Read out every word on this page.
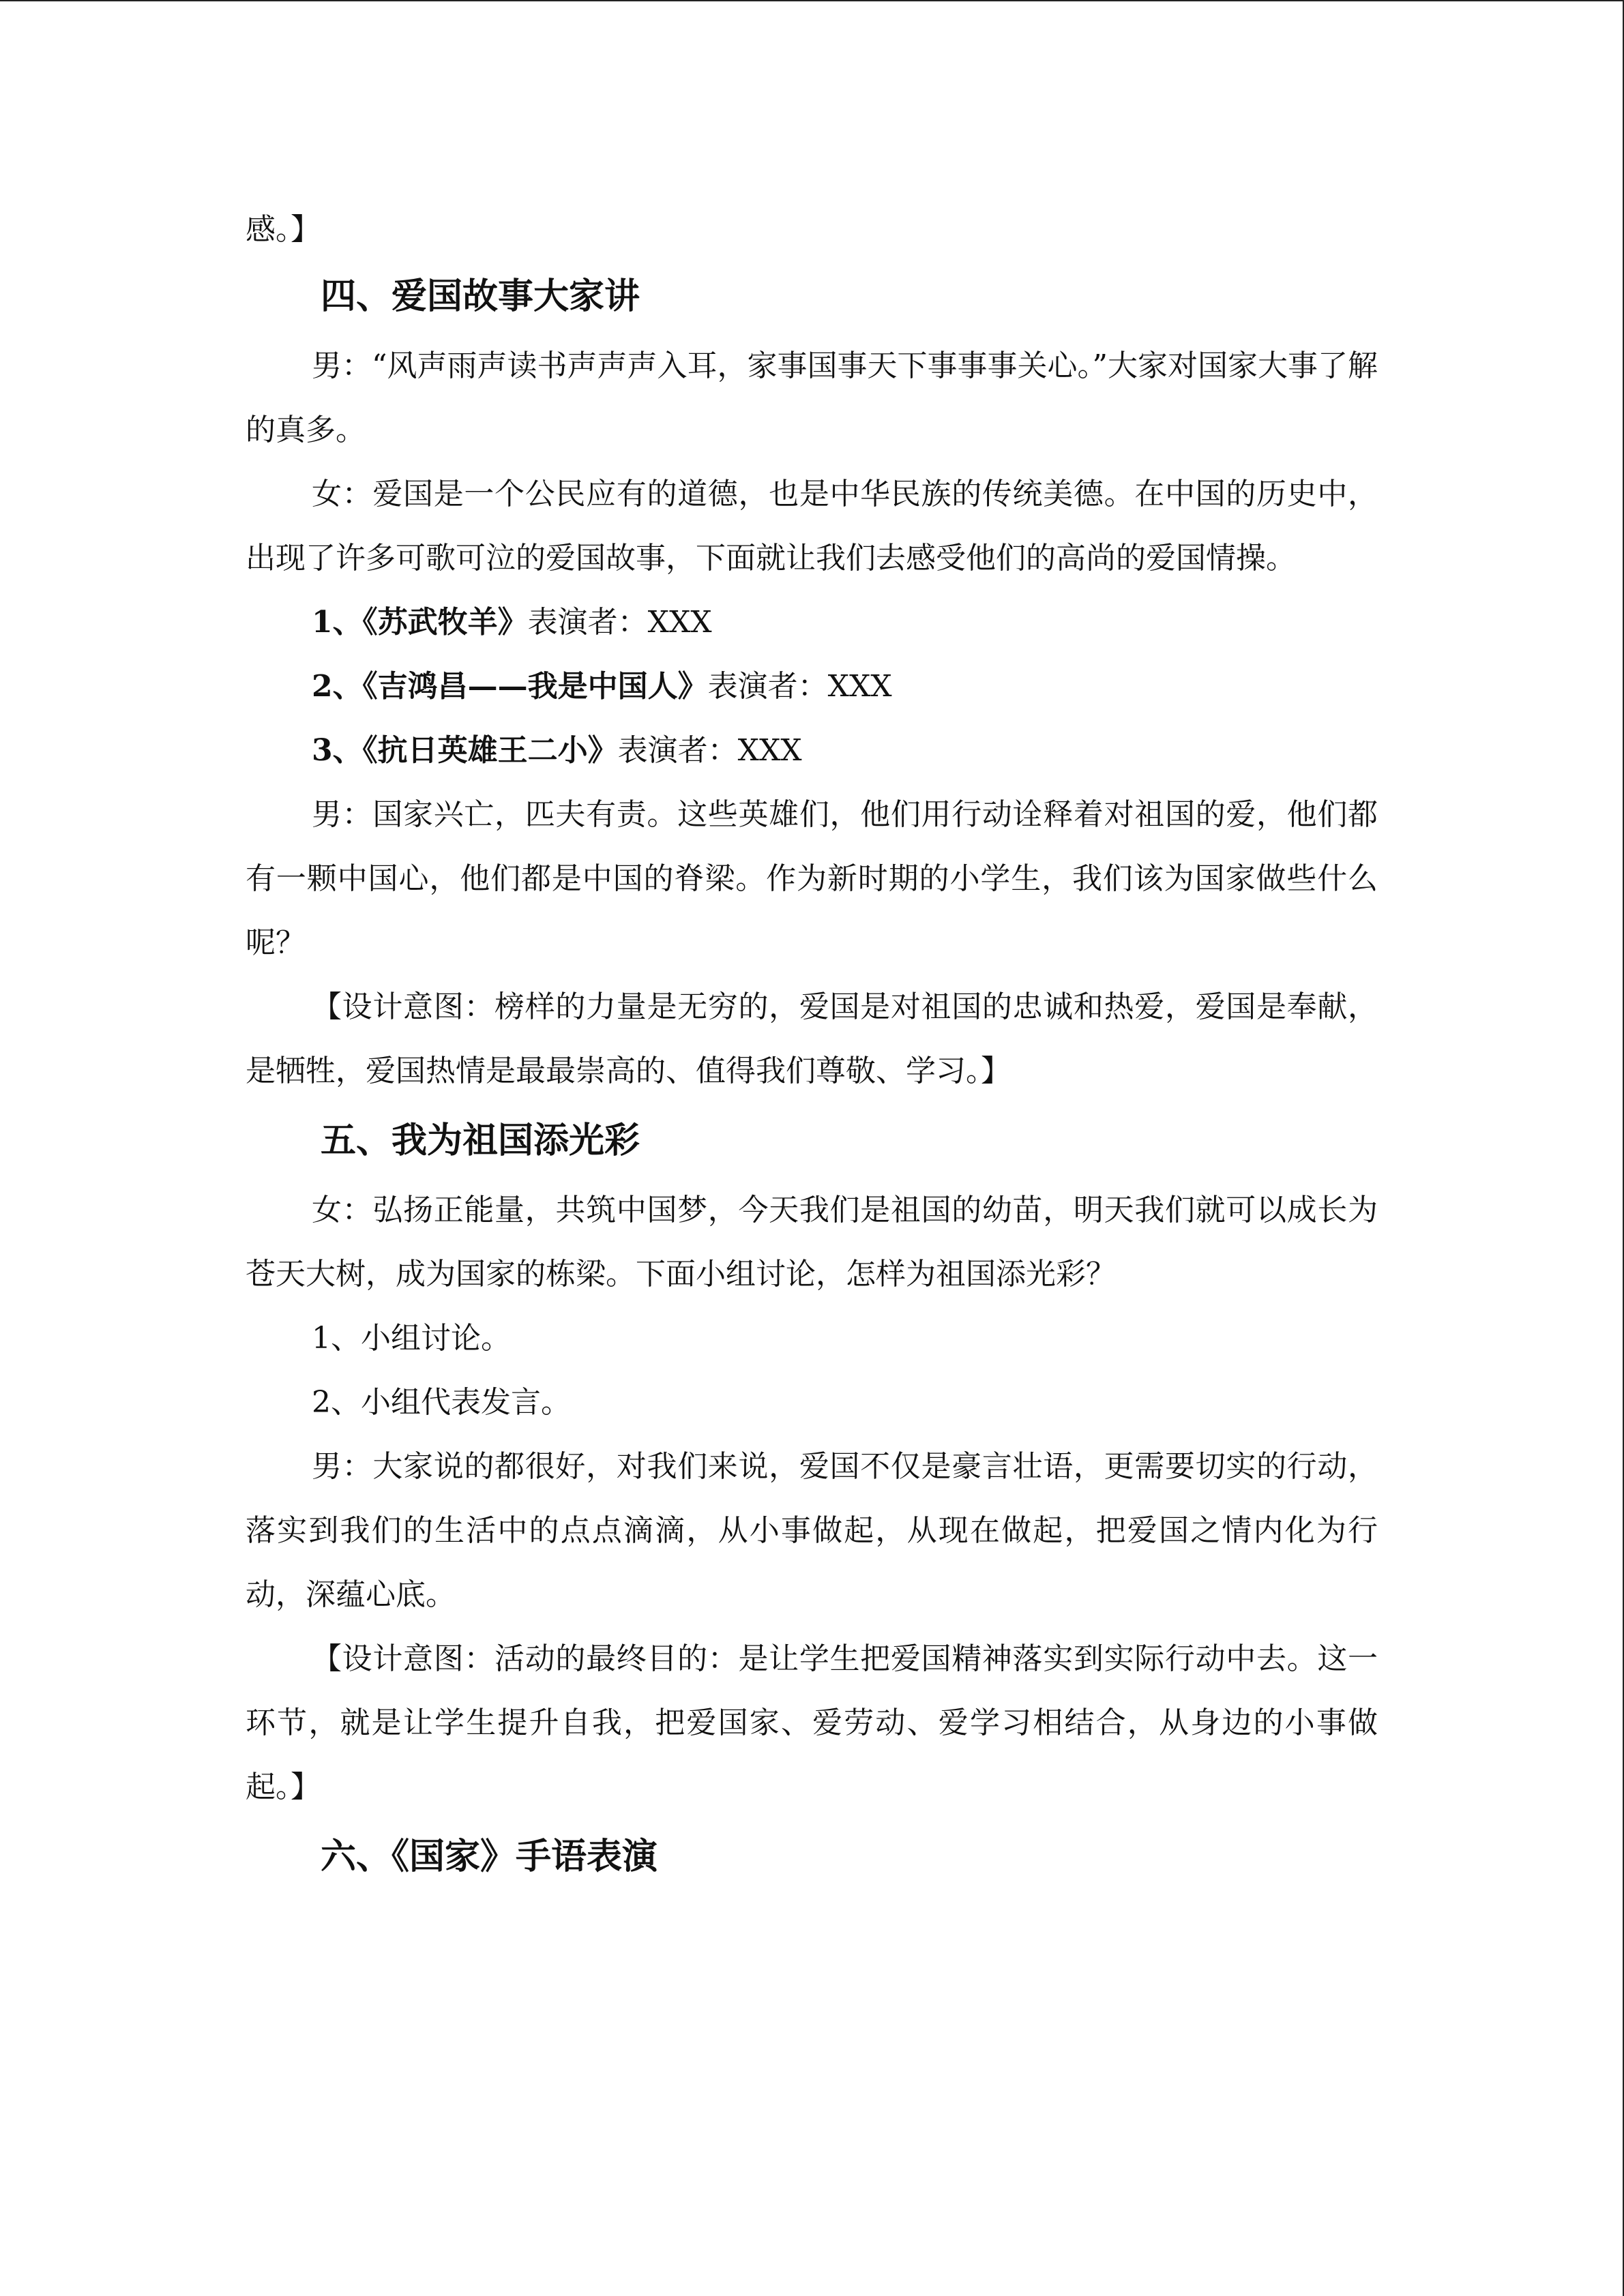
感。】

四、爱国故事大家讲

男：“风声雨声读书声声声入耳，家事国事天下事事事关心。”大家对国家大事了解的真多。

女：爱国是一个公民应有的道德，也是中华民族的传统美德。在中国的历史中，出现了许多可歌可泣的爱国故事，下面就让我们去感受他们的高尚的爱国情操。

1、《苏武牧羊》表演者：XXX

2、《吉鸿昌——我是中国人》表演者：XXX

3、《抗日英雄王二小》表演者：XXX

男：国家兴亡，匹夫有责。这些英雄们，他们用行动诠释着对祖国的爱，他们都有一颗中国心，他们都是中国的脊梁。作为新时期的小学生，我们该为国家做些什么呢？

【设计意图：榜样的力量是无穷的，爱国是对祖国的忠诚和热爱，爱国是奉献，是牺牲，爱国热情是最最崇高的、值得我们尊敬、学习。】

五、我为祖国添光彩

女：弘扬正能量，共筑中国梦，今天我们是祖国的幼苗，明天我们就可以成长为苍天大树，成为国家的栋梁。下面小组讨论，怎样为祖国添光彩？

1、小组讨论。

2、小组代表发言。

男：大家说的都很好，对我们来说，爱国不仅是豪言壮语，更需要切实的行动，落实到我们的生活中的点点滴滴，从小事做起，从现在做起，把爱国之情内化为行动，深蕴心底。

【设计意图：活动的最终目的：是让学生把爱国精神落实到实际行动中去。这一环节，就是让学生提升自我，把爱国家、爱劳动、爱学习相结合，从身边的小事做起。】

六、《国家》手语表演
